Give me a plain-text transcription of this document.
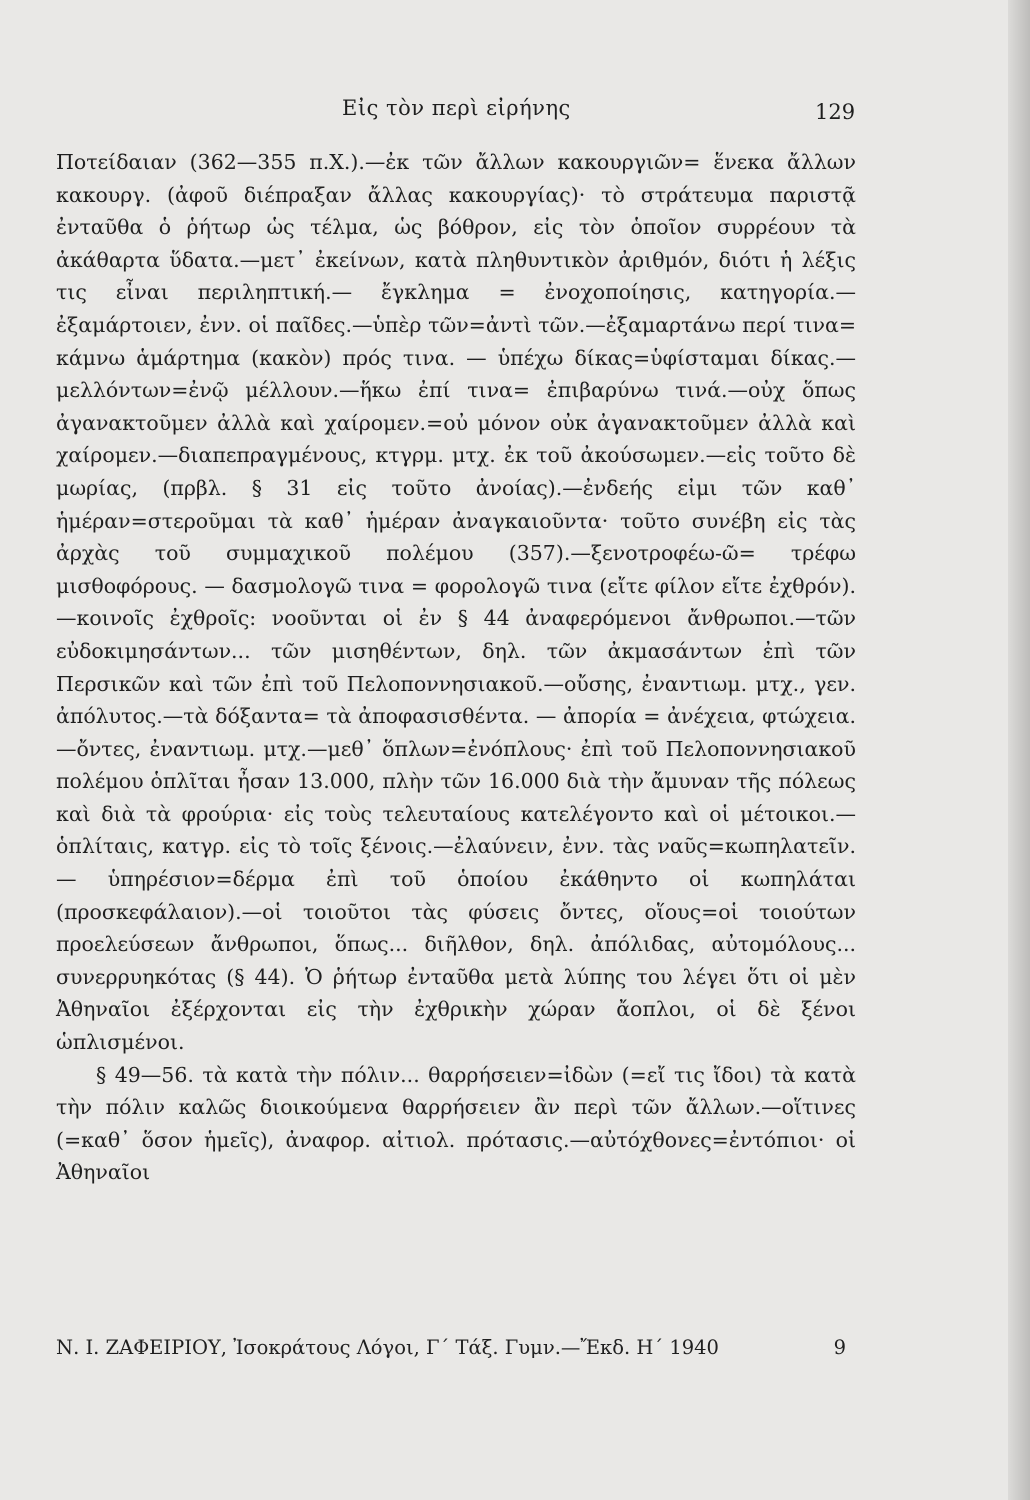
Εἰς τὸν περὶ εἰρήνης	129

Ποτείδαιαν (362—355 π.Χ.).—ἐκ τῶν ἄλλων κακουργιῶν= ἕνεκα ἄλλων κακουργ. (ἀφοῦ διέπραξαν ἄλλας κακουργίας)· τὸ στράτευμα παριστᾷ ἐνταῦθα ὁ ῥήτωρ ὡς τέλμα, ὡς βόθρον, εἰς τὸν ὁποῖον συρρέουν τὰ ἀκάθαρτα ὕδατα.—μετ᾿ ἐκείνων, κατὰ πληθυντικὸν ἀριθμόν, διότι ἡ λέξις τις εἶναι περιληπτική.— ἔγκλημα = ἐνοχοποίησις, κατηγορία.—ἐξαμάρτοιεν, ἐνν. οἱ παῖδες.—ὑπὲρ τῶν=ἀντὶ τῶν.—ἐξαμαρτάνω περί τινα= κάμνω ἁμάρτημα (κακὸν) πρός τινα. — ὑπέχω δίκας=ὑφίσταμαι δίκας.—μελλόντων=ἐνῷ μέλλουν.—ἥκω ἐπί τινα= ἐπιβαρύνω τινά.—οὐχ ὅπως ἀγανακτοῦμεν ἀλλὰ καὶ χαίρομεν.=οὐ μόνον οὐκ ἀγανακτοῦμεν ἀλλὰ καὶ χαίρομεν.—διαπεπραγμένους, κτγρμ. μτχ. ἐκ τοῦ ἀκούσωμεν.—εἰς τοῦτο δὲ μωρίας, (πρβλ. § 31 εἰς τοῦτο ἀνοίας).—ἐνδεής εἰμι τῶν καθ᾿ ἡμέραν=στεροῦμαι τὰ καθ᾿ ἡμέραν ἀναγκαιοῦντα· τοῦτο συνέβη εἰς τὰς ἀρχὰς τοῦ συμμαχικοῦ πολέμου (357).—ξενοτροφέω-ῶ= τρέφω μισθοφόρους. — δασμολογῶ τινα = φορολογῶ τινα (εἴτε φίλον εἴτε ἐχθρόν).—κοινοῖς ἐχθροῖς: νοοῦνται οἱ ἐν § 44 ἀναφερόμενοι ἄνθρωποι.—τῶν εὐδοκιμησάντων... τῶν μισηθέντων, δηλ. τῶν ἀκμασάντων ἐπὶ τῶν Περσικῶν καὶ τῶν ἐπὶ τοῦ Πελοποννησιακοῦ.—οὔσης, ἐναντιωμ. μτχ., γεν. ἀπόλυτος.—τὰ δόξαντα= τὰ ἀποφασισθέντα. — ἀπορία = ἀνέχεια, φτώχεια.—ὄντες, ἐναντιωμ. μτχ.—μεθ᾿ ὅπλων=ἐνόπλους· ἐπὶ τοῦ Πελοποννησιακοῦ πολέμου ὁπλῖται ἦσαν 13.000, πλὴν τῶν 16.000 διὰ τὴν ἄμυναν τῆς πόλεως καὶ διὰ τὰ φρούρια· εἰς τοὺς τελευταίους κατελέγοντο καὶ οἱ μέτοικοι.—ὁπλίταις, κατγρ. εἰς τὸ τοῖς ξένοις.—ἐλαύνειν, ἐνν. τὰς ναῦς=κωπηλατεῖν.— ὑπηρέσιον=δέρμα ἐπὶ τοῦ ὁποίου ἐκάθηντο οἱ κωπηλάται (προσκεφάλαιον).—οἱ τοιοῦτοι τὰς φύσεις ὄντες, οἵους=οἱ τοιούτων προελεύσεων ἄνθρωποι, ὅπως... διῆλθον, δηλ. ἀπόλιδας, αὐτομόλους... συνερρυηκότας (§ 44). Ὁ ῥήτωρ ἐνταῦθα μετὰ λύπης του λέγει ὅτι οἱ μὲν Ἀθηναῖοι ἐξέρχονται εἰς τὴν ἐχθρικὴν χώραν ἄοπλοι, οἱ δὲ ξένοι ὡπλισμένοι.

§ 49—56. τὰ κατὰ τὴν πόλιν... θαρρήσειεν=ἰδὼν (=εἴ τις ἴδοι) τὰ κατὰ τὴν πόλιν καλῶς διοικούμενα θαρρήσειεν ἂν περὶ τῶν ἄλλων.—οἵτινες (=καθ᾿ ὅσον ἡμεῖς), ἀναφορ. αἰτιολ. πρότασις.—αὐτόχθονες=ἐντόπιοι· οἱ Ἀθηναῖοι

Ν. Ι. ΖΑΦΕΙΡΙΟΥ, Ἰσοκράτους Λόγοι, Γ΄ Τάξ. Γυμν.—Ἔκδ. Η΄ 1940	9
